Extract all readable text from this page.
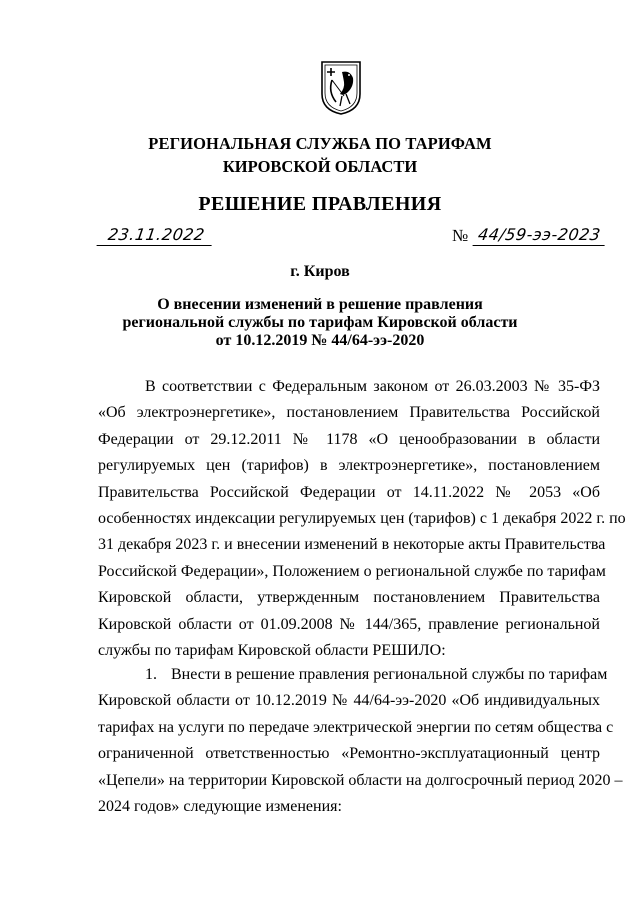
РЕГИОНАЛЬНАЯ СЛУЖБА ПО ТАРИФАМ
КИРОВСКОЙ ОБЛАСТИ
РЕШЕНИЕ ПРАВЛЕНИЯ
23.11.2022	№ 44/59-ээ-2023
г. Киров
О внесении изменений в решение правления
региональной службы по тарифам Кировской области
от 10.12.2019 № 44/64-ээ-2020
В соответствии с Федеральным законом от 26.03.2003 № 35-ФЗ
«Об электроэнергетике», постановлением Правительства Российской
Федерации от 29.12.2011 № 1178 «О ценообразовании в области
регулируемых цен (тарифов) в электроэнергетике», постановлением
Правительства Российской Федерации от 14.11.2022 № 2053 «Об
особенностях индексации регулируемых цен (тарифов) с 1 декабря 2022 г. по
31 декабря 2023 г. и внесении изменений в некоторые акты Правительства
Российской Федерации», Положением о региональной службе по тарифам
Кировской области, утвержденным постановлением Правительства
Кировской области от 01.09.2008 № 144/365, правление региональной
службы по тарифам Кировской области РЕШИЛО:
1. Внести в решение правления региональной службы по тарифам
Кировской области от 10.12.2019 № 44/64-ээ-2020 «Об индивидуальных
тарифах на услуги по передаче электрической энергии по сетям общества с
ограниченной ответственностью «Ремонтно-эксплуатационный центр
«Цепели» на территории Кировской области на долгосрочный период 2020 –
2024 годов» следующие изменения:
